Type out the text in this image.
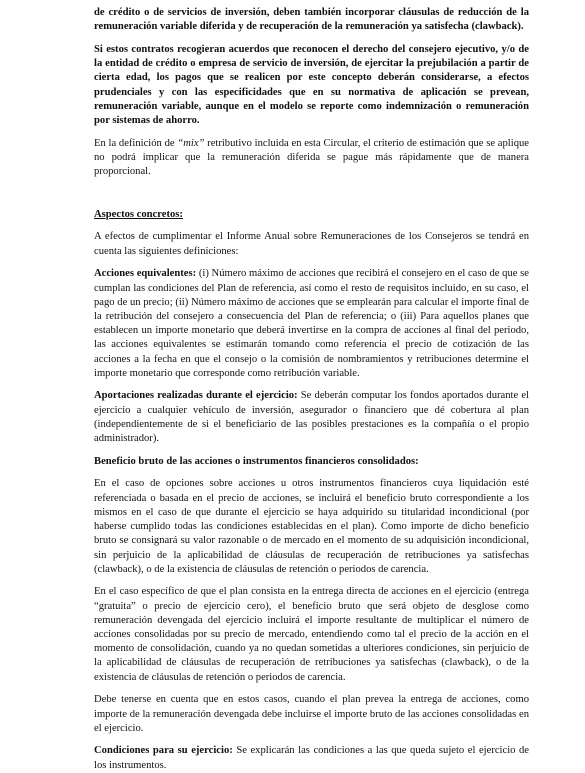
de crédito o de servicios de inversión, deben también incorporar cláusulas de reducción de la remuneración variable diferida y de recuperación de la remuneración ya satisfecha (clawback).

Si estos contratos recogieran acuerdos que reconocen el derecho del consejero ejecutivo, y/o de la entidad de crédito o empresa de servicio de inversión, de ejercitar la prejubilación a partir de cierta edad, los pagos que se realicen por este concepto deberán considerarse, a efectos prudenciales y con las especificidades que en su normativa de aplicación se prevean, remuneración variable, aunque en el modelo se reporte como indemnización o remuneración por sistemas de ahorro.

En la definición de “mix” retributivo incluida en esta Circular, el criterio de estimación que se aplique no podrá implicar que la remuneración diferida se pague más rápidamente que de manera proporcional.

Aspectos concretos:

A efectos de cumplimentar el Informe Anual sobre Remuneraciones de los Consejeros se tendrá en cuenta las siguientes definiciones:

Acciones equivalentes: (i) Número máximo de acciones que recibirá el consejero en el caso de que se cumplan las condiciones del Plan de referencia, así como el resto de requisitos incluido, en su caso, el pago de un precio; (ii) Número máximo de acciones que se emplearán para calcular el importe final de la retribución del consejero a consecuencia del Plan de referencia; o (iii) Para aquellos planes que establecen un importe monetario que deberá invertirse en la compra de acciones al final del periodo, las acciones equivalentes se estimarán tomando como referencia el precio de cotización de las acciones a la fecha en que el consejo o la comisión de nombramientos y retribuciones determine el importe monetario que corresponde como retribución variable.

Aportaciones realizadas durante el ejercicio: Se deberán computar los fondos aportados durante el ejercicio a cualquier vehículo de inversión, asegurador o financiero que dé cobertura al plan (independientemente de si el beneficiario de las posibles prestaciones es la compañía o el propio administrador).

Beneficio bruto de las acciones o instrumentos financieros consolidados:

En el caso de opciones sobre acciones u otros instrumentos financieros cuya liquidación esté referenciada o basada en el precio de acciones, se incluirá el beneficio bruto correspondiente a los mismos en el caso de que durante el ejercicio se haya adquirido su titularidad incondicional (por haberse cumplido todas las condiciones establecidas en el plan). Como importe de dicho beneficio bruto se consignará su valor razonable o de mercado en el momento de su adquisición incondicional, sin perjuicio de la aplicabilidad de cláusulas de recuperación de retribuciones ya satisfechas (clawback), o de la existencia de cláusulas de retención o periodos de carencia.

En el caso específico de que el plan consista en la entrega directa de acciones en el ejercicio (entrega “gratuita” o precio de ejercicio cero), el beneficio bruto que será objeto de desglose como remuneración devengada del ejercicio incluirá el importe resultante de multiplicar el número de acciones consolidadas por su precio de mercado, entendiendo como tal el precio de la acción en el momento de consolidación, cuando ya no quedan sometidas a ulteriores condiciones, sin perjuicio de la aplicabilidad de cláusulas de recuperación de retribuciones ya satisfechas (clawback), o de la existencia de cláusulas de retención o periodos de carencia.

Debe tenerse en cuenta que en estos casos, cuando el plan prevea la entrega de acciones, como importe de la remuneración devengada debe incluirse el importe bruto de las acciones consolidadas en el ejercicio.

Condiciones para su ejercicio: Se explicarán las condiciones a las que queda sujeto el ejercicio de los instrumentos.
